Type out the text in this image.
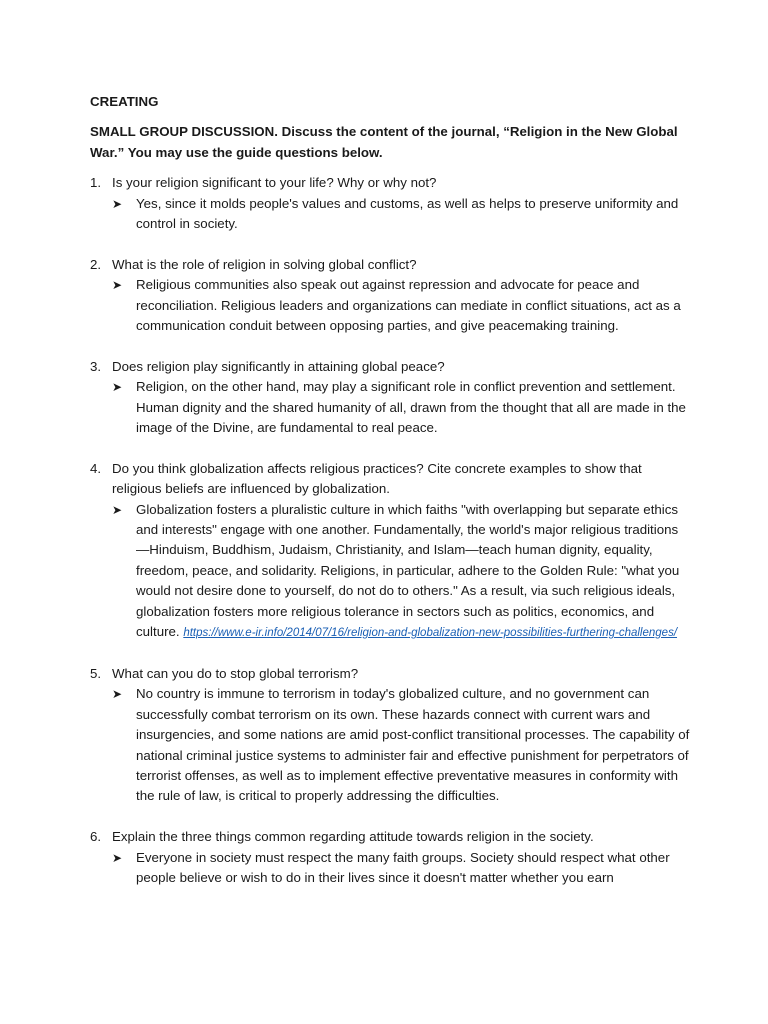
CREATING
SMALL GROUP DISCUSSION. Discuss the content of the journal, “Religion in the New Global War.” You may use the guide questions below.
1. Is your religion significant to your life? Why or why not?
➤ Yes, since it molds people's values and customs, as well as helps to preserve uniformity and control in society.
2. What is the role of religion in solving global conflict?
➤ Religious communities also speak out against repression and advocate for peace and reconciliation. Religious leaders and organizations can mediate in conflict situations, act as a communication conduit between opposing parties, and give peacemaking training.
3. Does religion play significantly in attaining global peace?
➤ Religion, on the other hand, may play a significant role in conflict prevention and settlement. Human dignity and the shared humanity of all, drawn from the thought that all are made in the image of the Divine, are fundamental to real peace.
4. Do you think globalization affects religious practices? Cite concrete examples to show that religious beliefs are influenced by globalization.
➤ Globalization fosters a pluralistic culture in which faiths "with overlapping but separate ethics and interests" engage with one another. Fundamentally, the world's major religious traditions—Hinduism, Buddhism, Judaism, Christianity, and Islam—teach human dignity, equality, freedom, peace, and solidarity. Religions, in particular, adhere to the Golden Rule: "what you would not desire done to yourself, do not do to others." As a result, via such religious ideals, globalization fosters more religious tolerance in sectors such as politics, economics, and culture. https://www.e-ir.info/2014/07/16/religion-and-globalization-new-possibilities-furthering-challenges/
5. What can you do to stop global terrorism?
➤ No country is immune to terrorism in today's globalized culture, and no government can successfully combat terrorism on its own. These hazards connect with current wars and insurgencies, and some nations are amid post-conflict transitional processes. The capability of national criminal justice systems to administer fair and effective punishment for perpetrators of terrorist offenses, as well as to implement effective preventative measures in conformity with the rule of law, is critical to properly addressing the difficulties.
6. Explain the three things common regarding attitude towards religion in the society.
➤ Everyone in society must respect the many faith groups. Society should respect what other people believe or wish to do in their lives since it doesn't matter whether you earn
